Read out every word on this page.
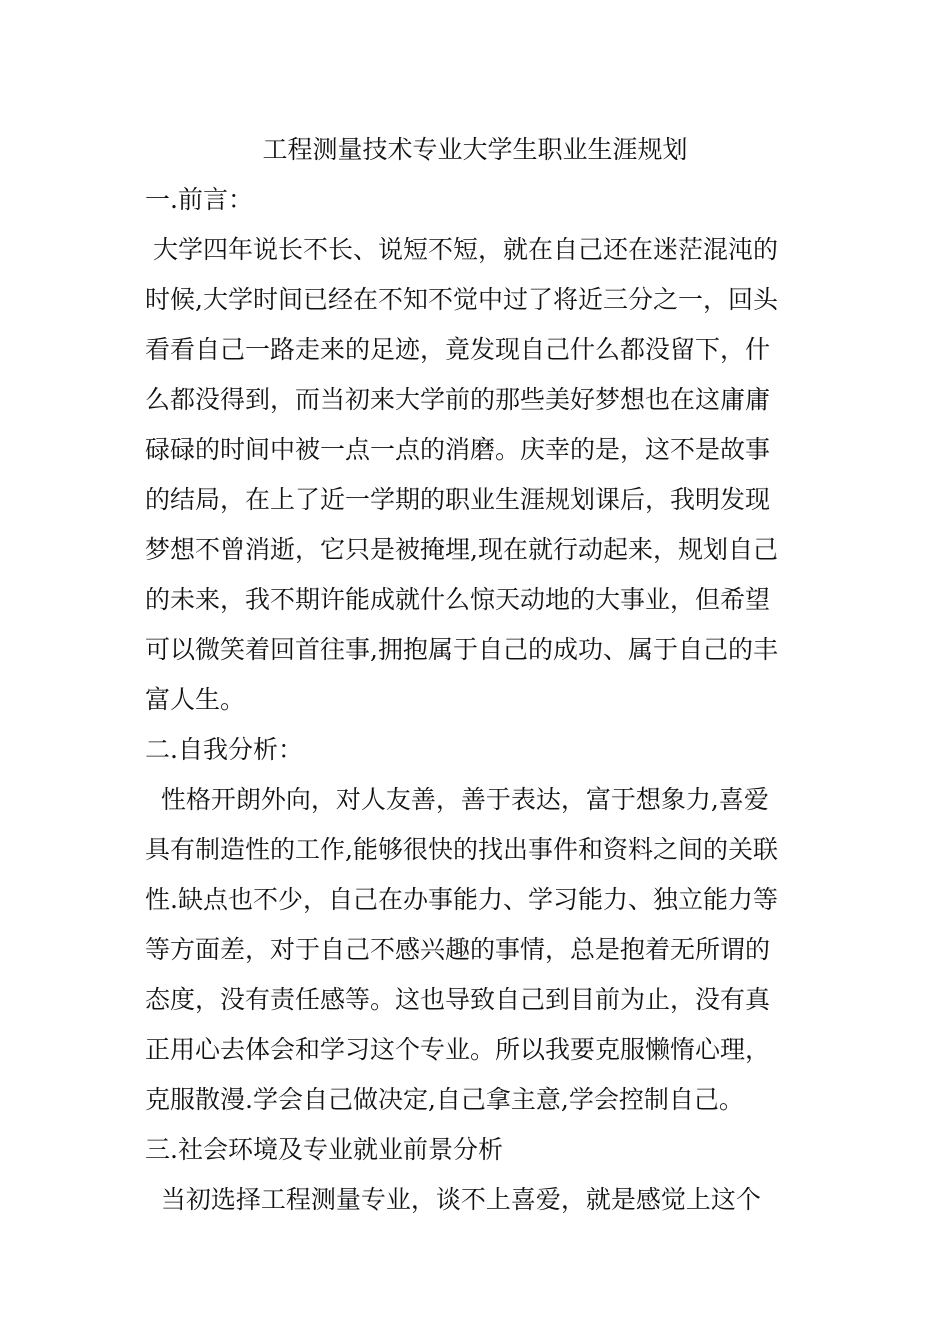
工程测量技术专业大学生职业生涯规划
一.前言：
大学四年说长不长、说短不短，就在自己还在迷茫混沌的
时候,大学时间已经在不知不觉中过了将近三分之一，回头
看看自己一路走来的足迹，竟发现自己什么都没留下，什
么都没得到，而当初来大学前的那些美好梦想也在这庸庸
碌碌的时间中被一点一点的消磨。庆幸的是，这不是故事
的结局，在上了近一学期的职业生涯规划课后，我明发现
梦想不曾消逝，它只是被掩埋,现在就行动起来，规划自己
的未来，我不期许能成就什么惊天动地的大事业，但希望
可以微笑着回首往事,拥抱属于自己的成功、属于自己的丰
富人生。
二.自我分析：
性格开朗外向，对人友善，善于表达，富于想象力,喜爱
具有制造性的工作,能够很快的找出事件和资料之间的关联
性.缺点也不少，自己在办事能力、学习能力、独立能力等
等方面差，对于自己不感兴趣的事情，总是抱着无所谓的
态度，没有责任感等。这也导致自己到目前为止，没有真
正用心去体会和学习这个专业。所以我要克服懒惰心理，
克服散漫.学会自己做决定,自己拿主意,学会控制自己。
三.社会环境及专业就业前景分析
当初选择工程测量专业，谈不上喜爱，就是感觉上这个
